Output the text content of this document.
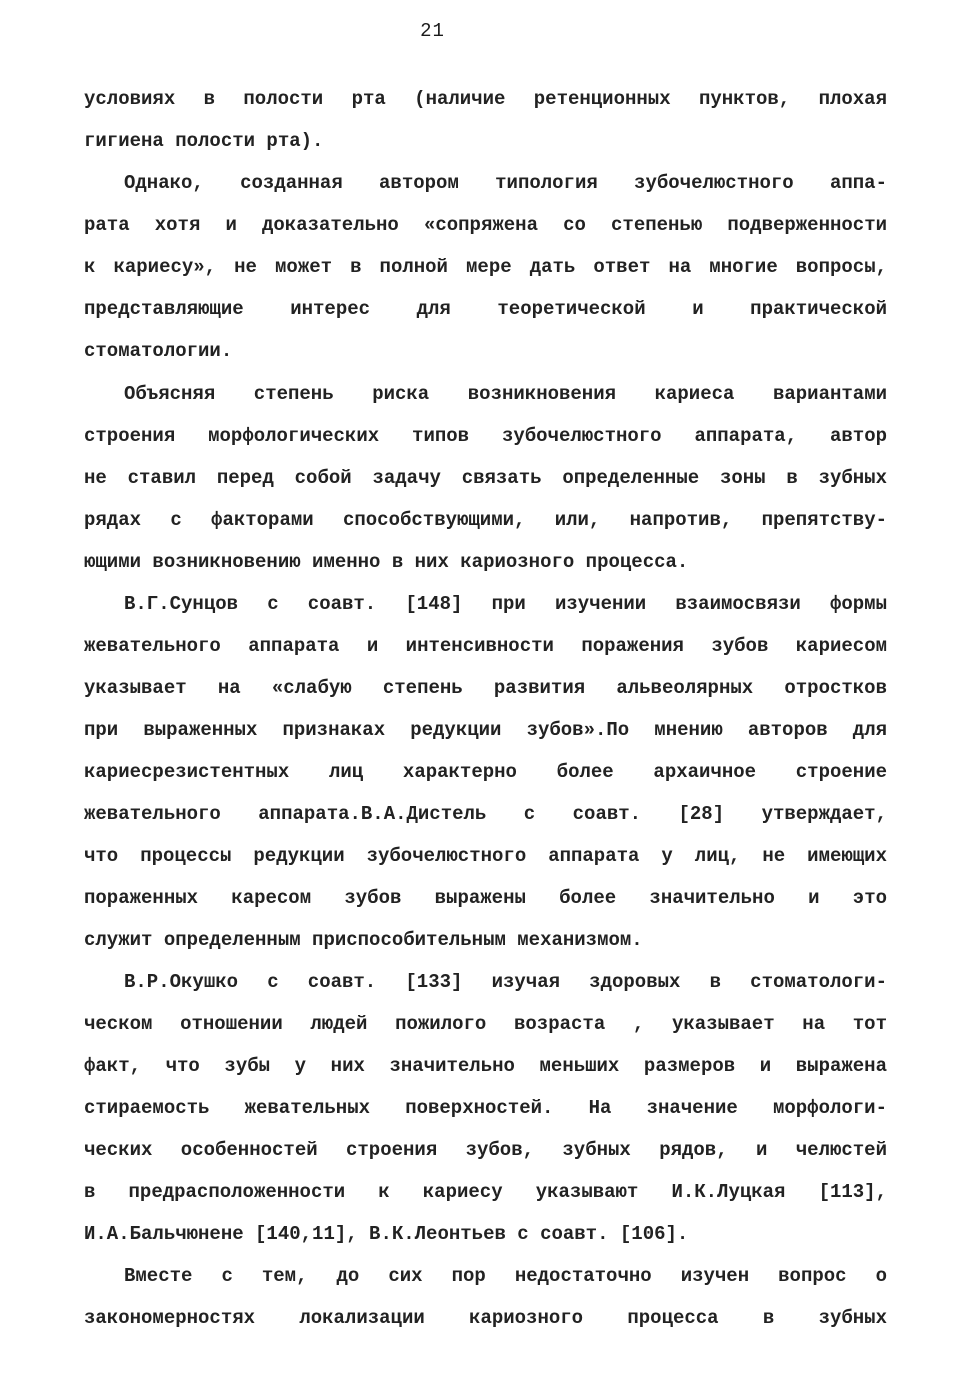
21
условиях в полости рта (наличие ретенционных пунктов, плохая
гигиена полости рта).
Однако, созданная автором типология зубочелюстного аппа-
рата хотя и доказательно «сопряжена со степенью подверженности
к кариесу», не может в полной мере дать ответ на многие вопросы,
представляющие интерес для теоретической и практической
стоматологии.
Объясняя степень риска возникновения кариеса вариантами
строения морфологических типов зубочелюстного аппарата, автор
не ставил перед собой задачу связать определенные зоны в зубных
рядах с факторами способствующими, или, напротив, препятству-
ющими возникновению именно в них кариозного процесса.
В.Г.Сунцов с соавт. [148] при изучении взаимосвязи формы
жевательного аппарата и интенсивности поражения зубов кариесом
указывает на «слабую степень развития альвеолярных отростков
при выраженных признаках редукции зубов».По мнению авторов для
кариесрезистентных лиц характерно более архаичное строение
жевательного аппарата.В.А.Дистель с соавт. [28] утверждает,
что процессы редукции зубочелюстного аппарата у лиц, не имеющих
пораженных каресом зубов выражены более значительно и это
служит определенным приспособительным механизмом.
В.Р.Окушко с соавт. [133] изучая здоровых в стоматологи-
ческом отношении людей пожилого возраста , указывает на тот
факт, что зубы у них значительно меньших размеров и выражена
стираемость жевательных поверхностей. На значение морфологи-
ческих особенностей строения зубов, зубных рядов, и челюстей
в предрасположенности к кариесу указывают И.К.Луцкая [113],
И.А.Бальчюнене [140,11], В.К.Леонтьев с соавт. [106].
Вместе с тем, до сих пор недостаточно изучен вопрос о
закономерностях локализации кариозного процесса в зубных
